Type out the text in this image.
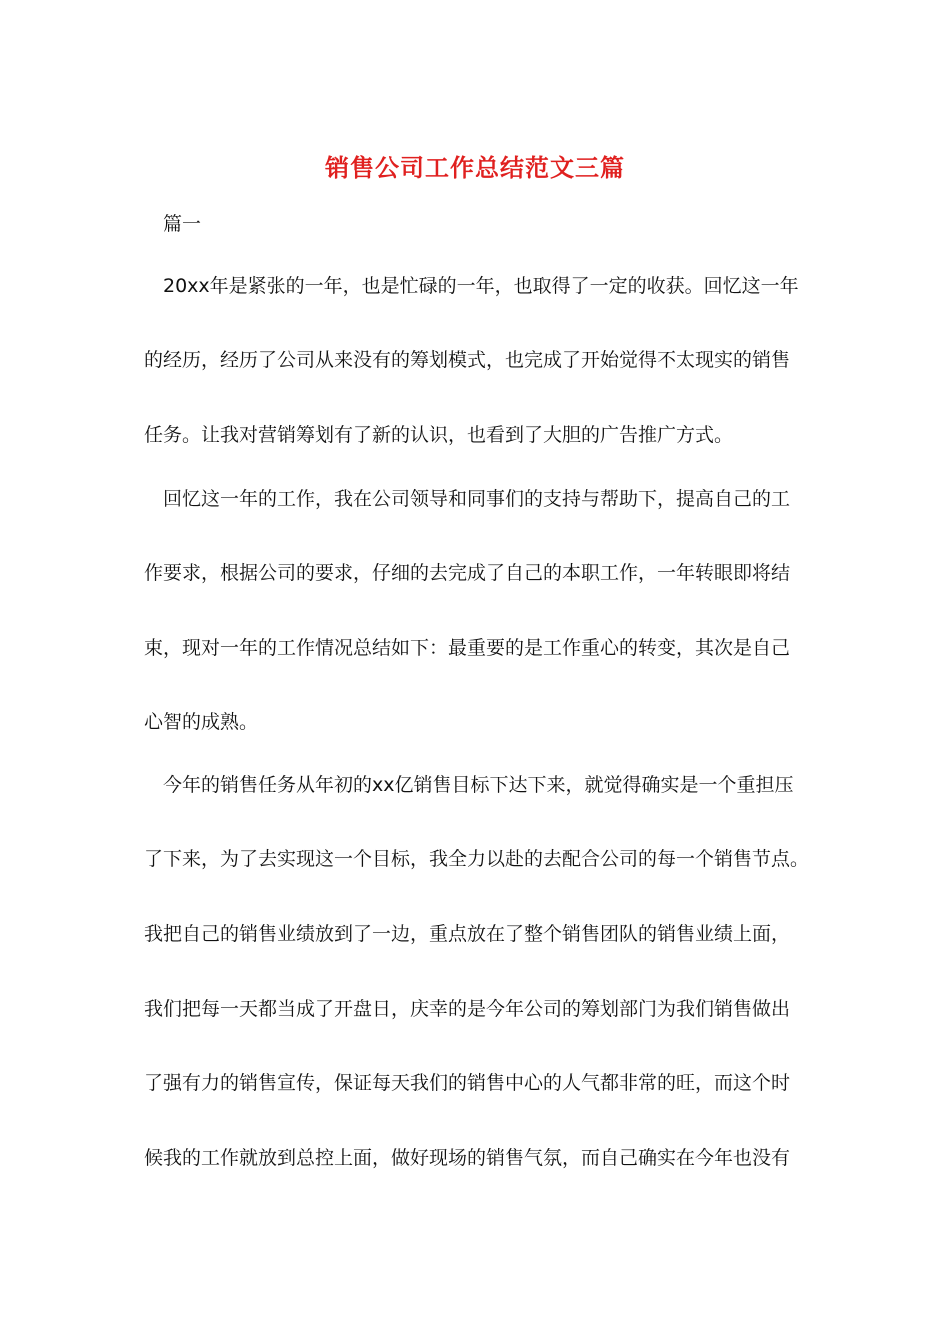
销售公司工作总结范文三篇
篇一
20xx年是紧张的一年，也是忙碌的一年，也取得了一定的收获。回忆这一年
的经历，经历了公司从来没有的筹划模式，也完成了开始觉得不太现实的销售
任务。让我对营销筹划有了新的认识，也看到了大胆的广告推广方式。
回忆这一年的工作，我在公司领导和同事们的支持与帮助下，提高自己的工
作要求，根据公司的要求，仔细的去完成了自己的本职工作，一年转眼即将结
束，现对一年的工作情况总结如下：最重要的是工作重心的转变，其次是自己
心智的成熟。
今年的销售任务从年初的xx亿销售目标下达下来，就觉得确实是一个重担压
了下来，为了去实现这一个目标，我全力以赴的去配合公司的每一个销售节点。
我把自己的销售业绩放到了一边，重点放在了整个销售团队的销售业绩上面，
我们把每一天都当成了开盘日，庆幸的是今年公司的筹划部门为我们销售做出
了强有力的销售宣传，保证每天我们的销售中心的人气都非常的旺，而这个时
候我的工作就放到总控上面，做好现场的销售气氛，而自己确实在今年也没有
